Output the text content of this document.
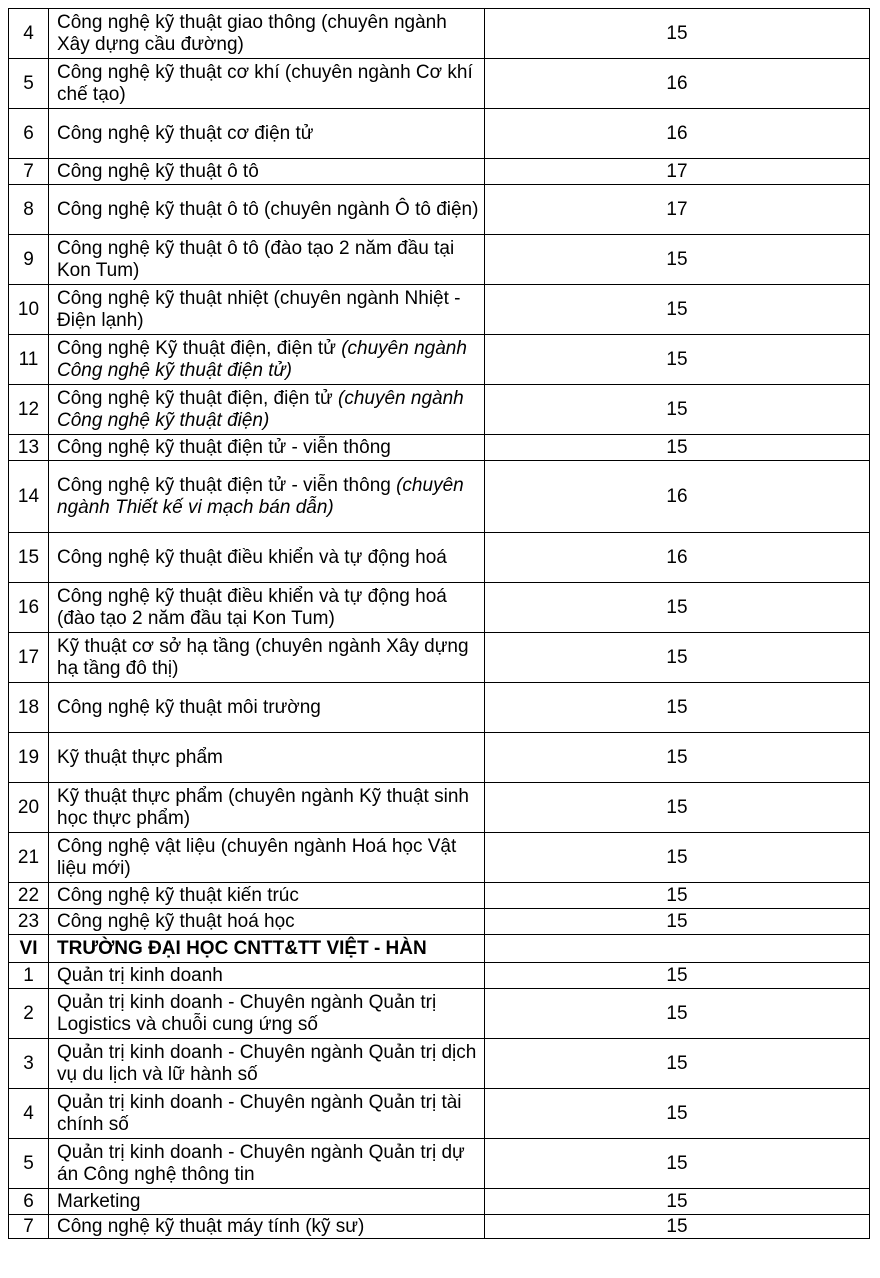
4	Công nghệ kỹ thuật giao thông (chuyên ngành Xây dựng cầu đường)	15
5	Công nghệ kỹ thuật cơ khí (chuyên ngành Cơ khí chế tạo)	16
6	Công nghệ kỹ thuật cơ điện tử	16
7	Công nghệ kỹ thuật ô tô	17
8	Công nghệ kỹ thuật ô tô (chuyên ngành Ô tô điện)	17
9	Công nghệ kỹ thuật ô tô (đào tạo 2 năm đầu tại Kon Tum)	15
10	Công nghệ kỹ thuật nhiệt (chuyên ngành Nhiệt - Điện lạnh)	15
11	Công nghệ Kỹ thuật điện, điện tử (chuyên ngành Công nghệ kỹ thuật điện tử)	15
12	Công nghệ kỹ thuật điện, điện tử (chuyên ngành Công nghệ kỹ thuật điện)	15
13	Công nghệ kỹ thuật điện tử - viễn thông	15
14	Công nghệ kỹ thuật điện tử - viễn thông (chuyên ngành Thiết kế vi mạch bán dẫn)	16
15	Công nghệ kỹ thuật điều khiển và tự động hoá	16
16	Công nghệ kỹ thuật điều khiển và tự động hoá (đào tạo 2 năm đầu tại Kon Tum)	15
17	Kỹ thuật cơ sở hạ tầng (chuyên ngành Xây dựng hạ tầng đô thị)	15
18	Công nghệ kỹ thuật môi trường	15
19	Kỹ thuật thực phẩm	15
20	Kỹ thuật thực phẩm (chuyên ngành Kỹ thuật sinh học thực phẩm)	15
21	Công nghệ vật liệu (chuyên ngành Hoá học Vật liệu mới)	15
22	Công nghệ kỹ thuật kiến trúc	15
23	Công nghệ kỹ thuật hoá học	15
VI	TRƯỜNG ĐẠI HỌC CNTT&TT VIỆT - HÀN	
1	Quản trị kinh doanh	15
2	Quản trị kinh doanh - Chuyên ngành Quản trị Logistics và chuỗi cung ứng số	15
3	Quản trị kinh doanh - Chuyên ngành Quản trị dịch vụ du lịch và lữ hành số	15
4	Quản trị kinh doanh - Chuyên ngành Quản trị tài chính số	15
5	Quản trị kinh doanh - Chuyên ngành Quản trị dự án Công nghệ thông tin	15
6	Marketing	15
7	Công nghệ kỹ thuật máy tính (kỹ sư)	15
